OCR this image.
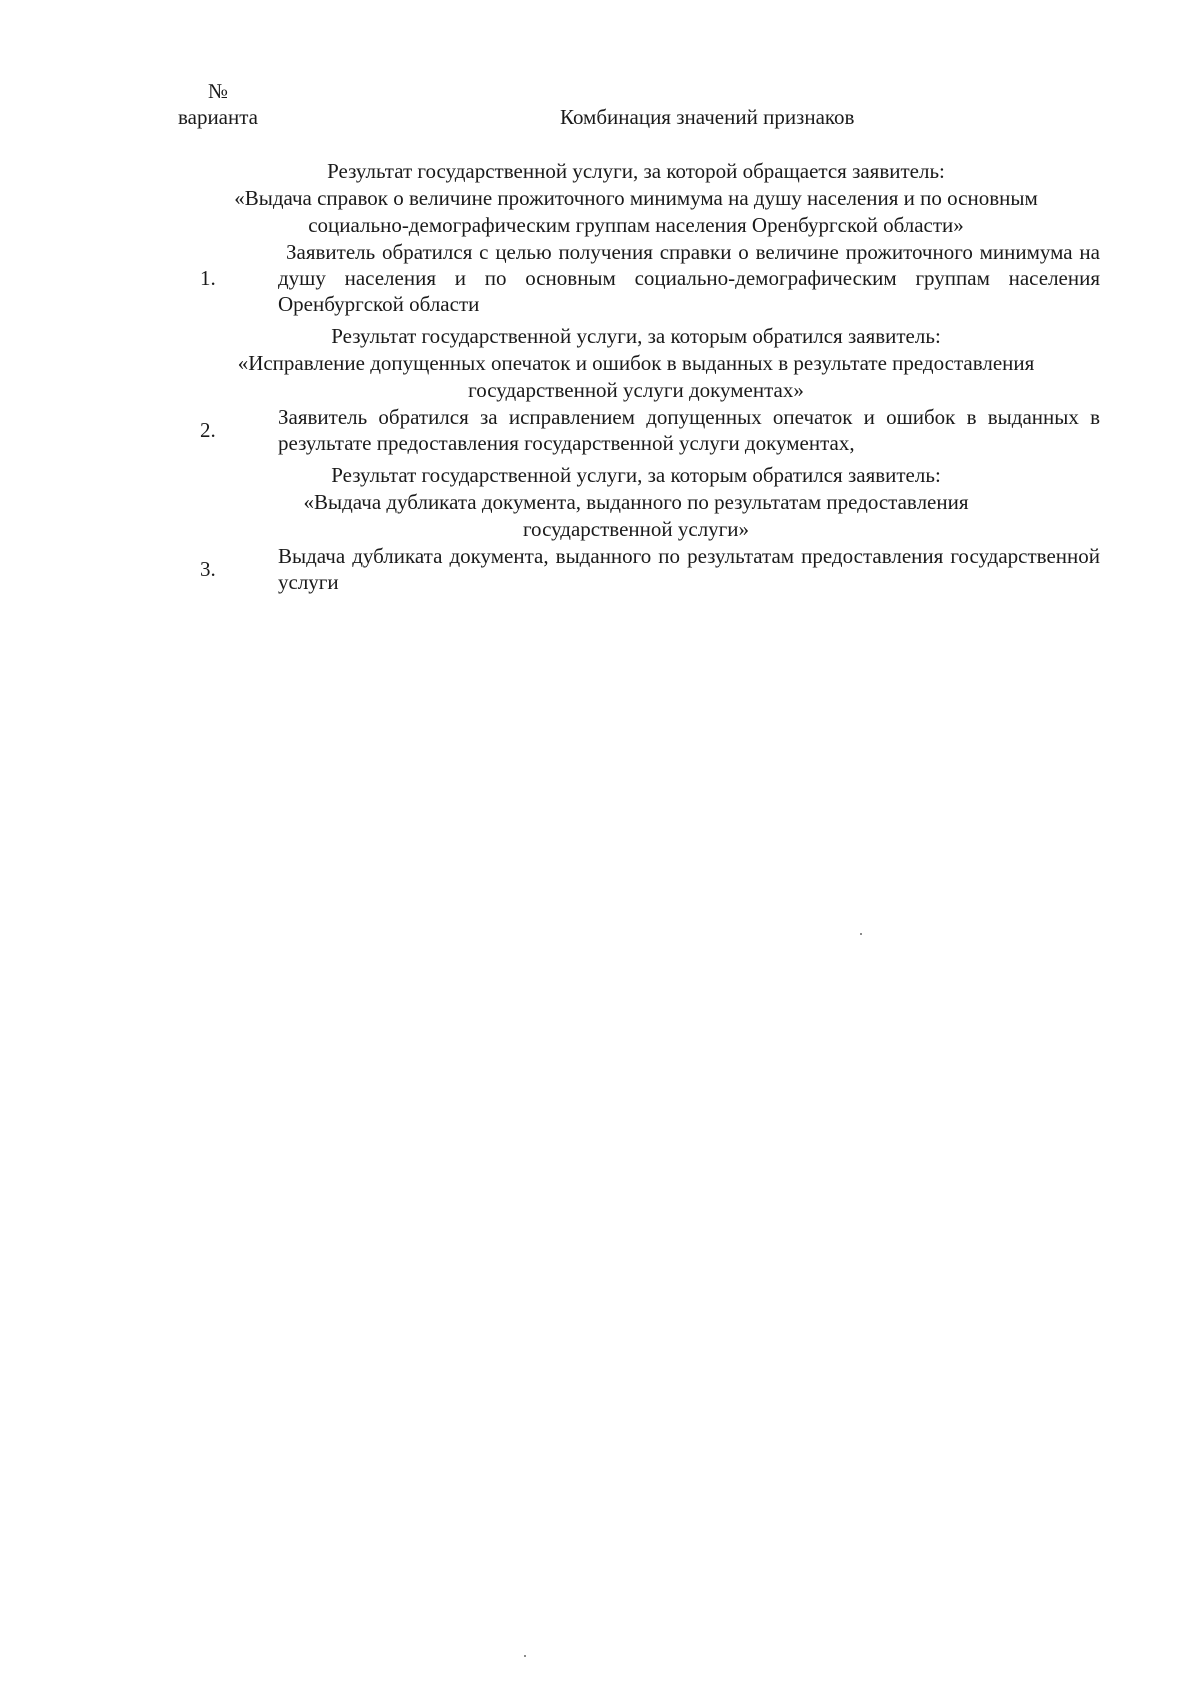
№
варианта	Комбинация значений признаков
Результат государственной услуги, за которой обращается заявитель:
«Выдача справок о величине прожиточного минимума на душу населения и по основным
социально-демографическим группам населения Оренбургской области»
1.
Заявитель обратился с целью получения справки о величине прожиточного минимума на душу населения и по основным социально-демографическим группам населения Оренбургской области
Результат государственной услуги, за которым обратился заявитель:
«Исправление допущенных опечаток и ошибок в выданных в результате предоставления
государственной услуги документах»
2.
Заявитель обратился за исправлением допущенных опечаток и ошибок в выданных в результате предоставления государственной услуги документах,
Результат государственной услуги, за которым обратился заявитель:
«Выдача дубликата документа, выданного по результатам предоставления
государственной услуги»
3.
Выдача дубликата документа, выданного по результатам предоставления государственной услуги
